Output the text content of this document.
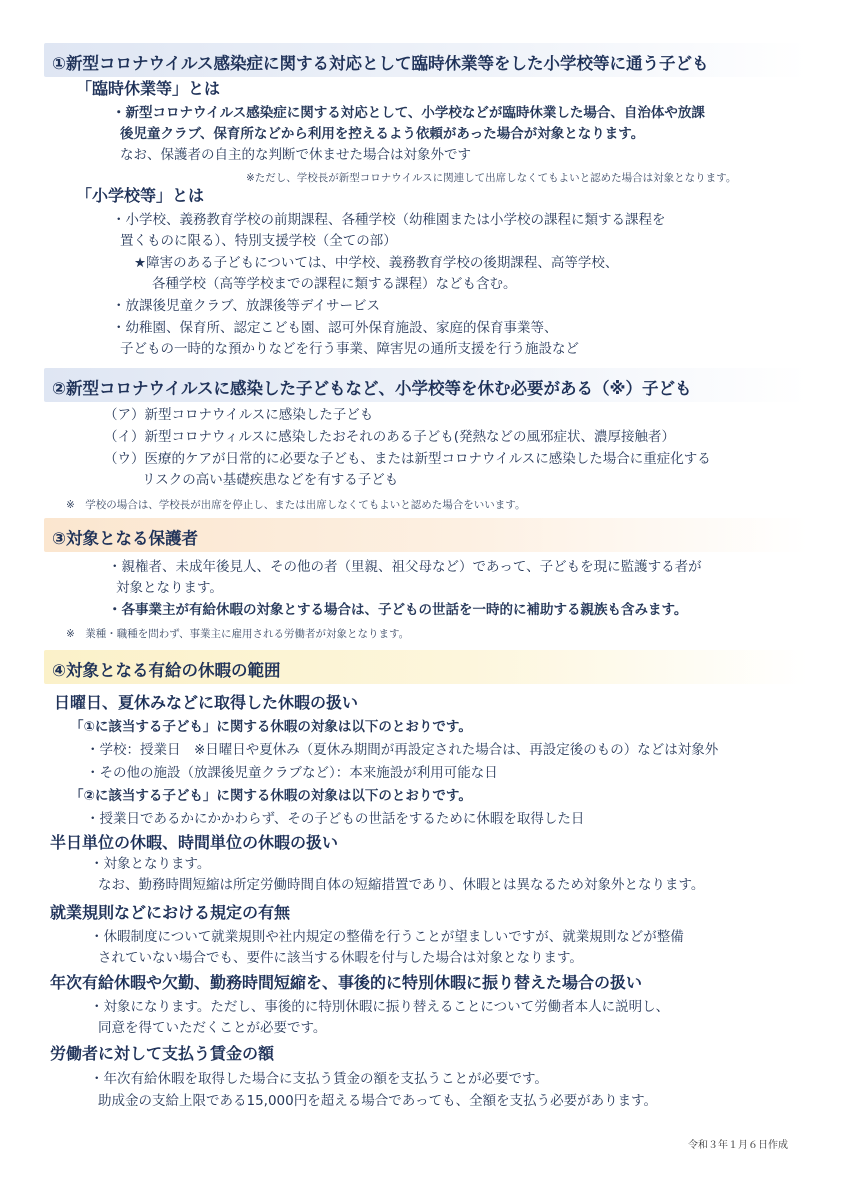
①新型コロナウイルス感染症に関する対応として臨時休業等をした小学校等に通う子ども
「臨時休業等」とは
・新型コロナウイルス感染症に関する対応として、小学校などが臨時休業した場合、自治体や放課
後児童クラブ、保育所などから利用を控えるよう依頼があった場合が対象となります。
なお、保護者の自主的な判断で休ませた場合は対象外です
※ただし、学校長が新型コロナウイルスに関連して出席しなくてもよいと認めた場合は対象となります。
「小学校等」とは
・小学校、義務教育学校の前期課程、各種学校（幼稚園または小学校の課程に類する課程を
置くものに限る）、特別支援学校（全ての部）
★障害のある子どもについては、中学校、義務教育学校の後期課程、高等学校、
各種学校（高等学校までの課程に類する課程）なども含む。
・放課後児童クラブ、放課後等デイサービス
・幼稚園、保育所、認定こども園、認可外保育施設、家庭的保育事業等、
子どもの一時的な預かりなどを行う事業、障害児の通所支援を行う施設など
②新型コロナウイルスに感染した子どもなど、小学校等を休む必要がある（※）子ども
（ア）新型コロナウイルスに感染した子ども
（イ）新型コロナウィルスに感染したおそれのある子ども(発熱などの風邪症状、濃厚接触者）
（ウ）医療的ケアが日常的に必要な子ども、または新型コロナウイルスに感染した場合に重症化する
リスクの高い基礎疾患などを有する子ども
※　学校の場合は、学校長が出席を停止し、または出席しなくてもよいと認めた場合をいいます。
③対象となる保護者
・親権者、未成年後見人、その他の者（里親、祖父母など）であって、子どもを現に監護する者が
対象となります。
・各事業主が有給休暇の対象とする場合は、子どもの世話を一時的に補助する親族も含みます。
※　業種・職種を問わず、事業主に雇用される労働者が対象となります。
④対象となる有給の休暇の範囲
日曜日、夏休みなどに取得した休暇の扱い
「①に該当する子ども」に関する休暇の対象は以下のとおりです。
・学校：授業日　※日曜日や夏休み（夏休み期間が再設定された場合は、再設定後のもの）などは対象外
・その他の施設（放課後児童クラブなど）：本来施設が利用可能な日
「②に該当する子ども」に関する休暇の対象は以下のとおりです。
・授業日であるかにかかわらず、その子どもの世話をするために休暇を取得した日
半日単位の休暇、時間単位の休暇の扱い
・対象となります。
なお、勤務時間短縮は所定労働時間自体の短縮措置であり、休暇とは異なるため対象外となります。
就業規則などにおける規定の有無
・休暇制度について就業規則や社内規定の整備を行うことが望ましいですが、就業規則などが整備
されていない場合でも、要件に該当する休暇を付与した場合は対象となります。
年次有給休暇や欠勤、勤務時間短縮を、事後的に特別休暇に振り替えた場合の扱い
・対象になります。ただし、事後的に特別休暇に振り替えることについて労働者本人に説明し、
同意を得ていただくことが必要です。
労働者に対して支払う賃金の額
・年次有給休暇を取得した場合に支払う賃金の額を支払うことが必要です。
助成金の支給上限である15,000円を超える場合であっても、全額を支払う必要があります。
令和３年１月６日作成
